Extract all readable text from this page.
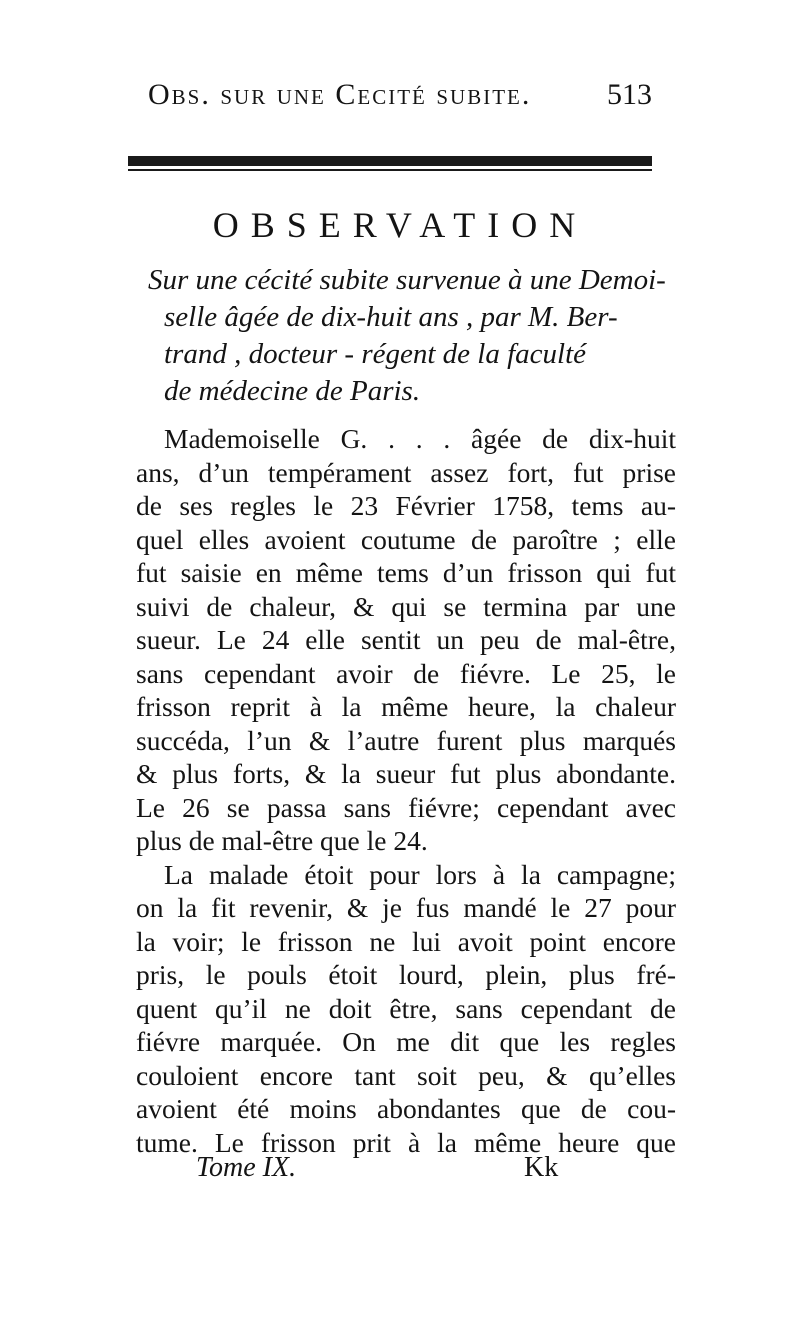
Obs. sur une Cecité subite.	513
OBSERVATION
Sur une cécité subite survenue à une Demoi-
selle âgée de dix-huit ans , par M. Ber-
trand , docteur - régent de la faculté
de médecine de Paris.
Mademoiselle G. . . . âgée de dix-huit
ans, d’un tempérament assez fort, fut prise
de ses regles le 23 Février 1758, tems au-
quel elles avoient coutume de paroître ; elle
fut saisie en même tems d’un frisson qui fut
suivi de chaleur, & qui se termina par une
sueur. Le 24 elle sentit un peu de mal-être,
sans cependant avoir de fiévre. Le 25, le
frisson reprit à la même heure, la chaleur
succéda, l’un & l’autre furent plus marqués
& plus forts, & la sueur fut plus abondante.
Le 26 se passa sans fiévre; cependant avec
plus de mal-être que le 24.
La malade étoit pour lors à la campagne;
on la fit revenir, & je fus mandé le 27 pour
la voir; le frisson ne lui avoit point encore
pris, le pouls étoit lourd, plein, plus fré-
quent qu’il ne doit être, sans cependant de
fiévre marquée. On me dit que les regles
couloient encore tant soit peu, & qu’elles
avoient été moins abondantes que de cou-
tume. Le frisson prit à la même heure que
Tome IX.	Kk
